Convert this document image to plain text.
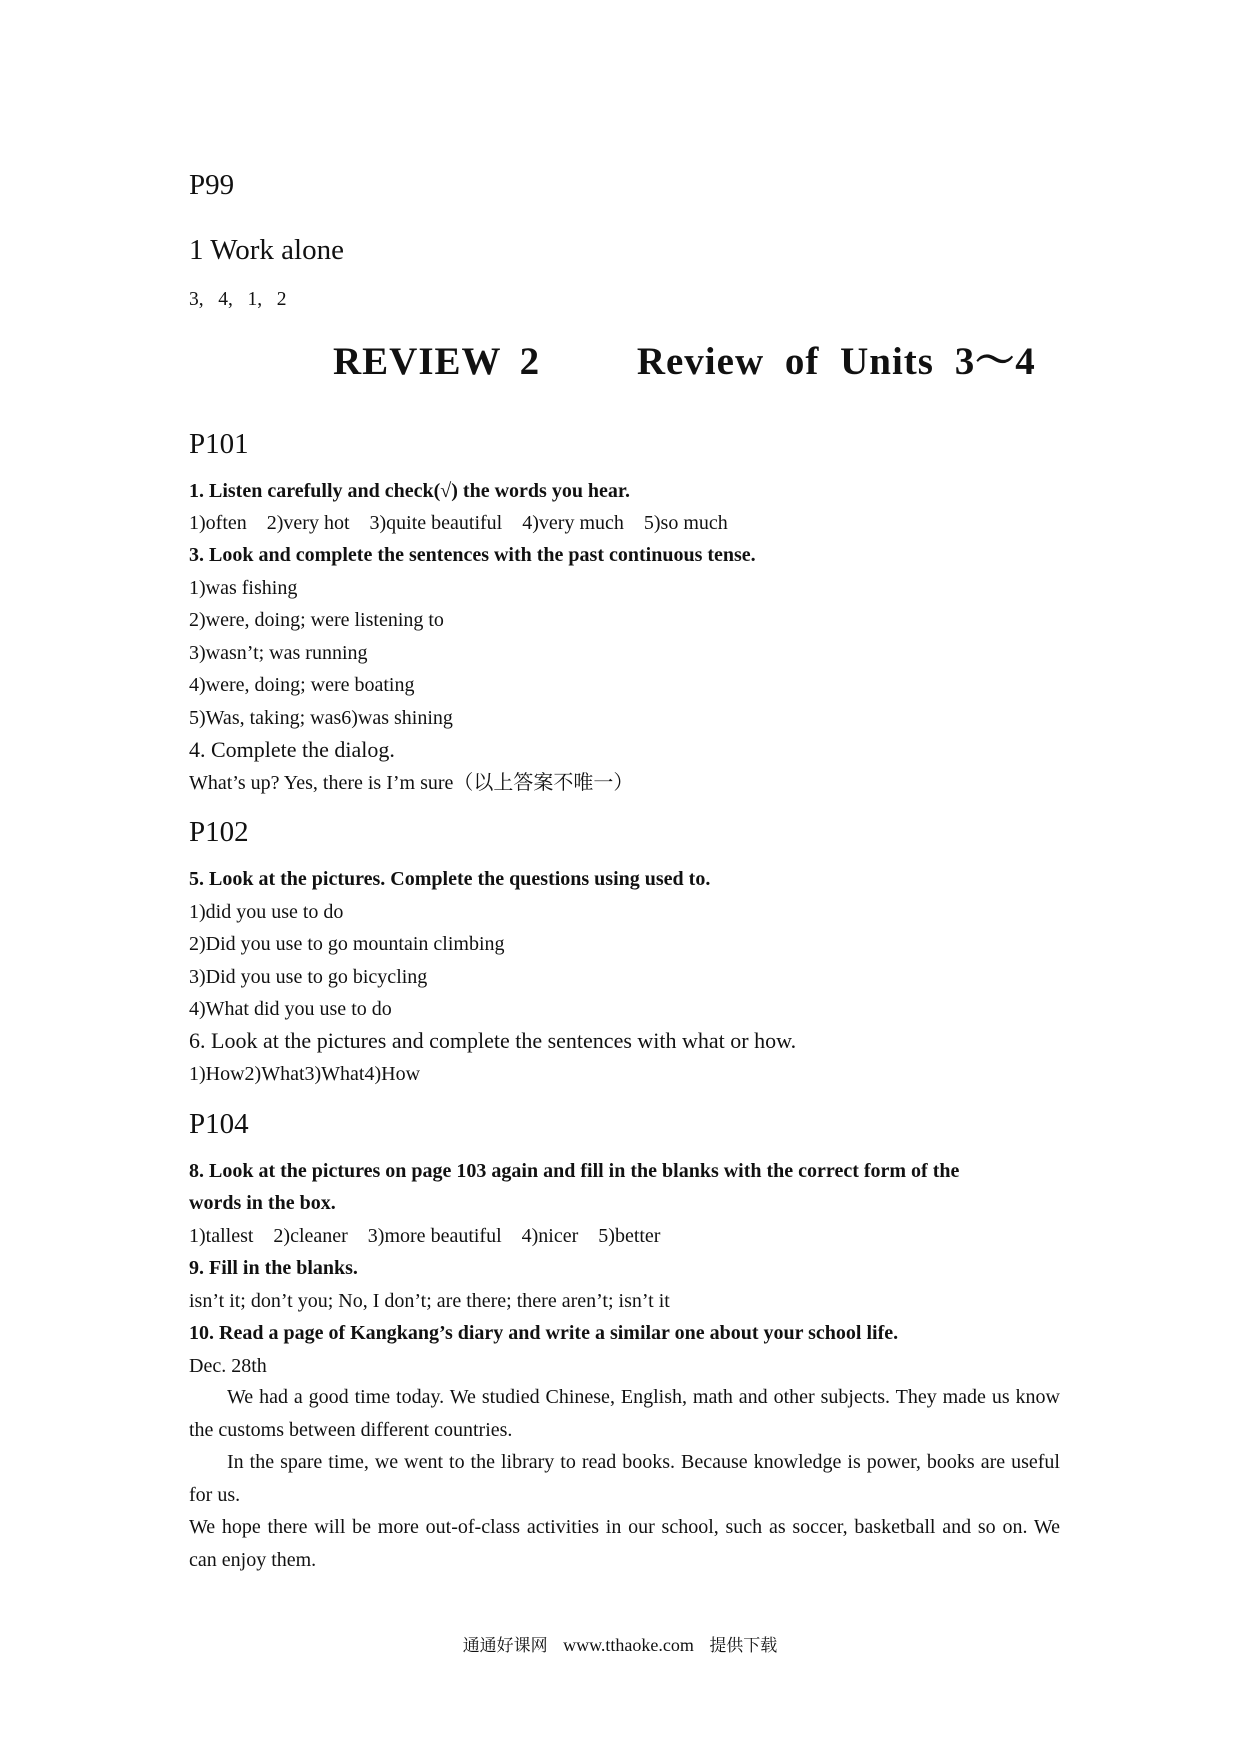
P99
1 Work alone
3,   4,   1,   2
REVIEW 2 Review of Units 3～4
P101
1. Listen carefully and check(√) the words you hear.
1)often    2)very hot    3)quite beautiful    4)very much    5)so much
3. Look and complete the sentences with the past continuous tense.
1)was fishing
2)were, doing; were listening to
3)wasn’t; was running
4)were, doing; were boating
5)Was, taking; was6)was shining
4. Complete the dialog.
What’s up? Yes, there is I’m sure（以上答案不唯一）
P102
5. Look at the pictures. Complete the questions using used to.
1)did you use to do
2)Did you use to go mountain climbing
3)Did you use to go bicycling
4)What did you use to do
6. Look at the pictures and complete the sentences with what or how.
1)How2)What3)What4)How
P104
8. Look at the pictures on page 103 again and fill in the blanks with the correct form of the
words in the box.
1)tallest    2)cleaner    3)more beautiful    4)nicer    5)better
9. Fill in the blanks.
isn’t it; don’t you; No, I don’t; are there; there aren’t; isn’t it
10. Read a page of Kangkang’s diary and write a similar one about your school life.
Dec. 28th
We had a good time today. We studied Chinese, English, math and other subjects. They made us know the customs between different countries.
In the spare time, we went to the library to read books. Because knowledge is power, books are useful for us.
We hope there will be more out-of-class activities in our school, such as soccer, basketball and so on. We can enjoy them.
通通好课网 www.tthaoke.com 提供下载
